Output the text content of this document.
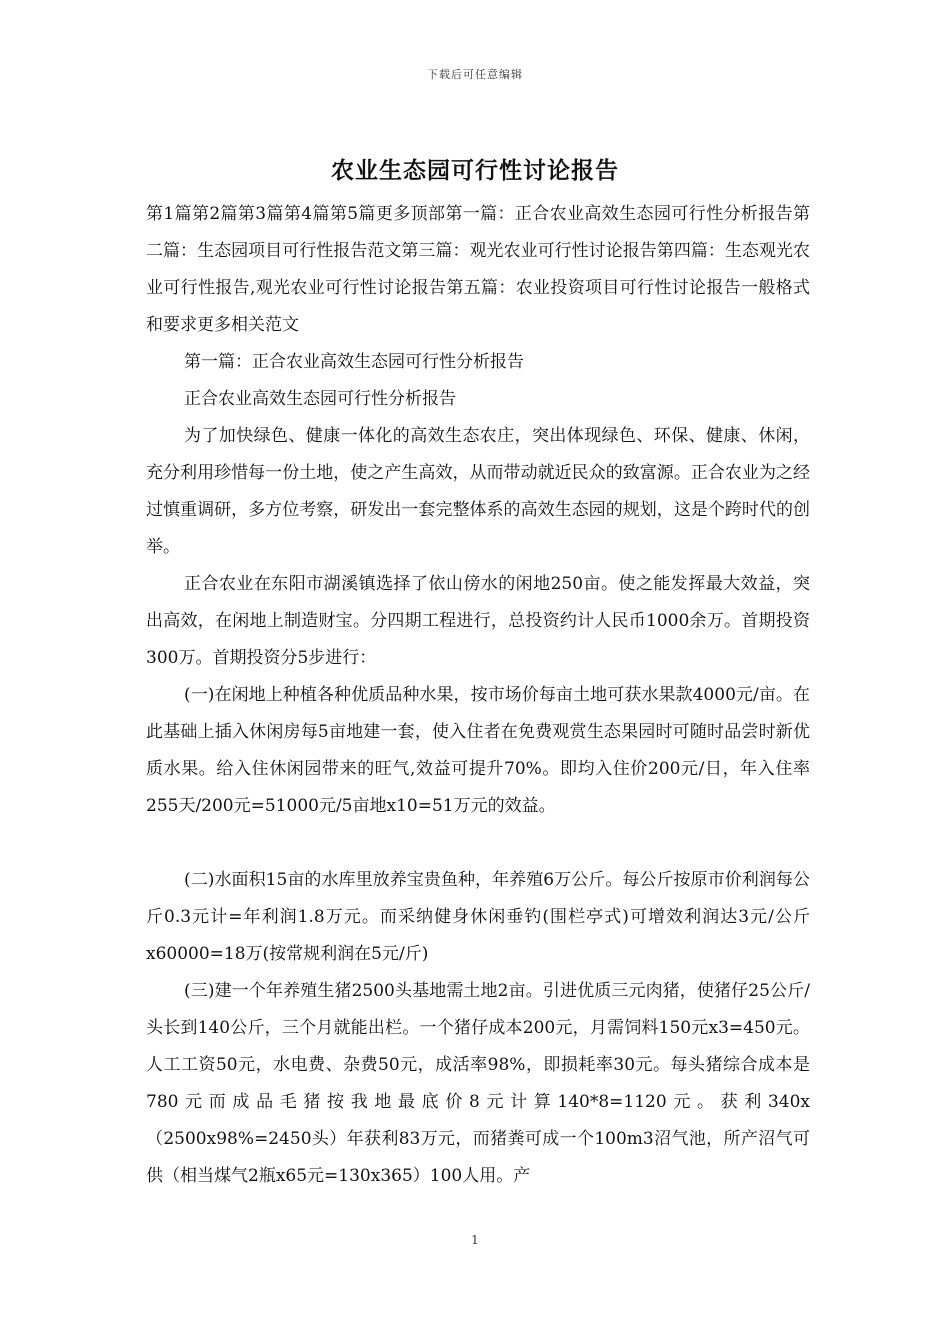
下载后可任意编辑
农业生态园可行性讨论报告

第1篇第2篇第3篇第4篇第5篇更多顶部第一篇：正合农业高效生态园可行性分析报告第二篇：生态园项目可行性报告范文第三篇：观光农业可行性讨论报告第四篇：生态观光农业可行性报告,观光农业可行性讨论报告第五篇：农业投资项目可行性讨论报告一般格式和要求更多相关范文

第一篇：正合农业高效生态园可行性分析报告

正合农业高效生态园可行性分析报告

为了加快绿色、健康一体化的高效生态农庄，突出体现绿色、环保、健康、休闲，充分利用珍惜每一份土地，使之产生高效，从而带动就近民众的致富源。正合农业为之经过慎重调研，多方位考察，研发出一套完整体系的高效生态园的规划，这是个跨时代的创举。

正合农业在东阳市湖溪镇选择了依山傍水的闲地250亩。使之能发挥最大效益，突出高效，在闲地上制造财宝。分四期工程进行，总投资约计人民币1000余万。首期投资300万。首期投资分5步进行：

(一)在闲地上种植各种优质品种水果，按市场价每亩土地可获水果款4000元/亩。在此基础上插入休闲房每5亩地建一套，使入住者在免费观赏生态果园时可随时品尝时新优质水果。给入住休闲园带来的旺气,效益可提升70%。即均入住价200元/日，年入住率255天/200元=51000元/5亩地x10=51万元的效益。

(二)水面积15亩的水库里放养宝贵鱼种，年养殖6万公斤。每公斤按原市价利润每公斤0.3元计=年利润1.8万元。而采纳健身休闲垂钓(围栏亭式)可增效利润达3元/公斤x60000=18万(按常规利润在5元/斤)

(三)建一个年养殖生猪2500头基地需土地2亩。引进优质三元肉猪，使猪仔25公斤/头长到140公斤，三个月就能出栏。一个猪仔成本200元，月需饲料150元x3=450元。人工工资50元，水电费、杂费50元，成活率98%，即损耗率30元。每头猪综合成本是780元而成品毛猪按我地最底价8元计算140*8=1120元。获利340x（2500x98%=2450头）年获利83万元，而猪粪可成一个100m3沼气池，所产沼气可供（相当煤气2瓶x65元=130x365）100人用。产

1
